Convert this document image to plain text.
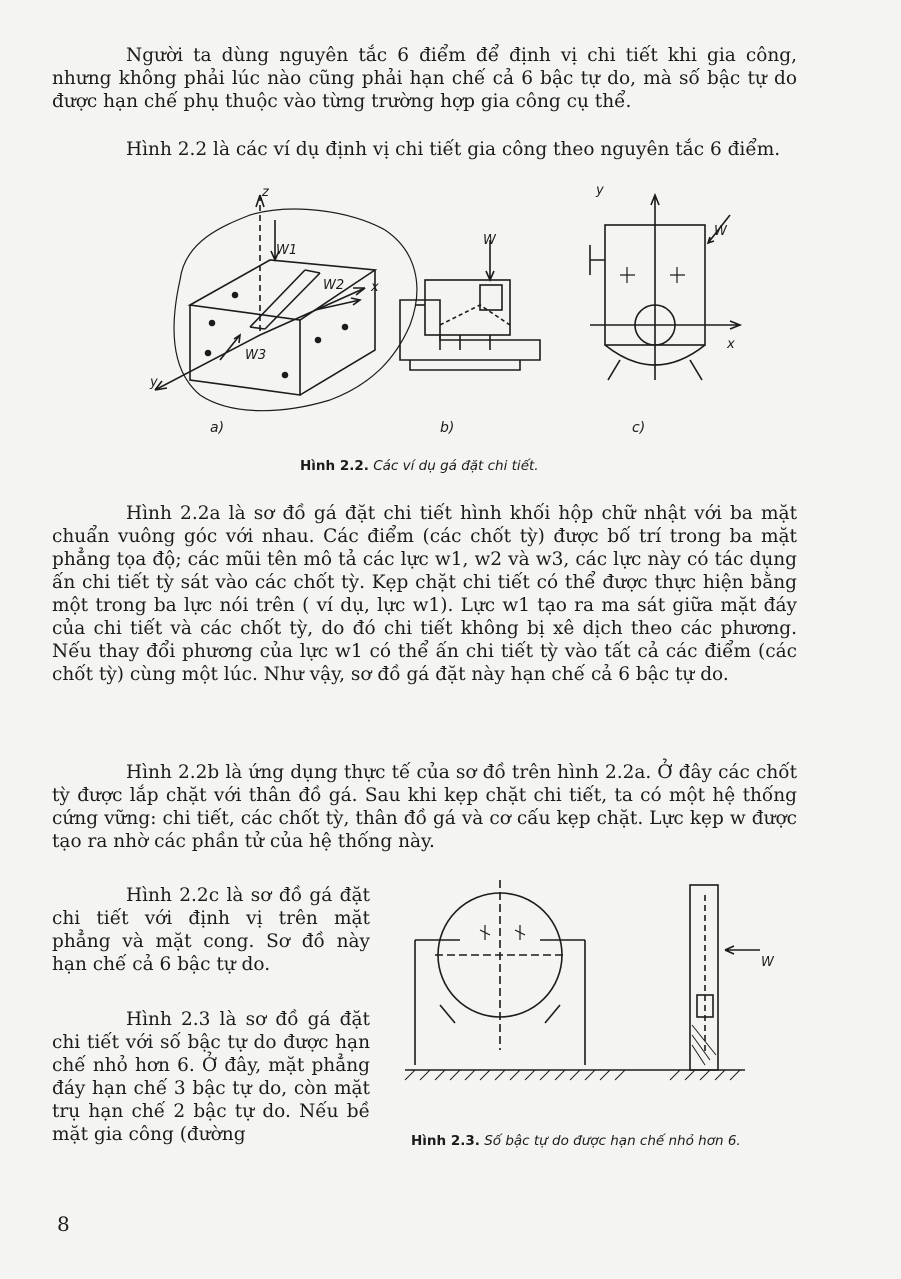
Người ta dùng nguyên tắc 6 điểm để định vị chi tiết khi gia công, nhưng không phải lúc nào cũng phải hạn chế cả 6 bậc tự do, mà số bậc tự do được hạn chế phụ thuộc vào từng trường hợp gia công cụ thể.

Hình 2.2 là các ví dụ định vị chi tiết gia công theo nguyên tắc 6 điểm.

z
x
y
W1
W2
W3
W
W
x
y
a)	b)	c)
Hình 2.2. Các ví dụ gá đặt chi tiết.

Hình 2.2a là sơ đồ gá đặt chi tiết hình khối hộp chữ nhật với ba mặt chuẩn vuông góc với nhau. Các điểm (các chốt tỳ) được bố trí trong ba mặt phẳng tọa độ; các mũi tên mô tả các lực w1, w2 và w3, các lực này có tác dụng ấn chi tiết tỳ sát vào các chốt tỳ. Kẹp chặt chi tiết có thể được thực hiện bằng một trong ba lực nói trên ( ví dụ, lực w1). Lực w1 tạo ra ma sát giữa mặt đáy của chi tiết và các chốt tỳ, do đó chi tiết không bị xê dịch theo các phương. Nếu thay đổi phương của lực w1 có thể ấn chi tiết tỳ vào tất cả các điểm (các chốt tỳ) cùng một lúc. Như vậy, sơ đồ gá đặt này hạn chế cả 6 bậc tự do.

Hình 2.2b là ứng dụng thực tế của sơ đồ trên hình 2.2a. Ở đây các chốt tỳ được lắp chặt với thân đồ gá. Sau khi kẹp chặt chi tiết, ta có một hệ thống cứng vững: chi tiết, các chốt tỳ, thân đồ gá và cơ cấu kẹp chặt. Lực kẹp w được tạo ra nhờ các phần tử của hệ thống này.

Hình 2.2c là sơ đồ gá đặt chi tiết với định vị trên mặt phẳng và mặt cong. Sơ đồ này hạn chế cả 6 bậc tự do.

Hình 2.3 là sơ đồ gá đặt chi tiết với số bậc tự do được hạn chế nhỏ hơn 6. Ở đây, mặt phẳng đáy hạn chế 3 bậc tự do, còn mặt trụ hạn chế 2 bậc tự do. Nếu bề mặt gia công (đường

W
Hình 2.3. Số bậc tự do được hạn chế nhỏ hơn 6.
8
